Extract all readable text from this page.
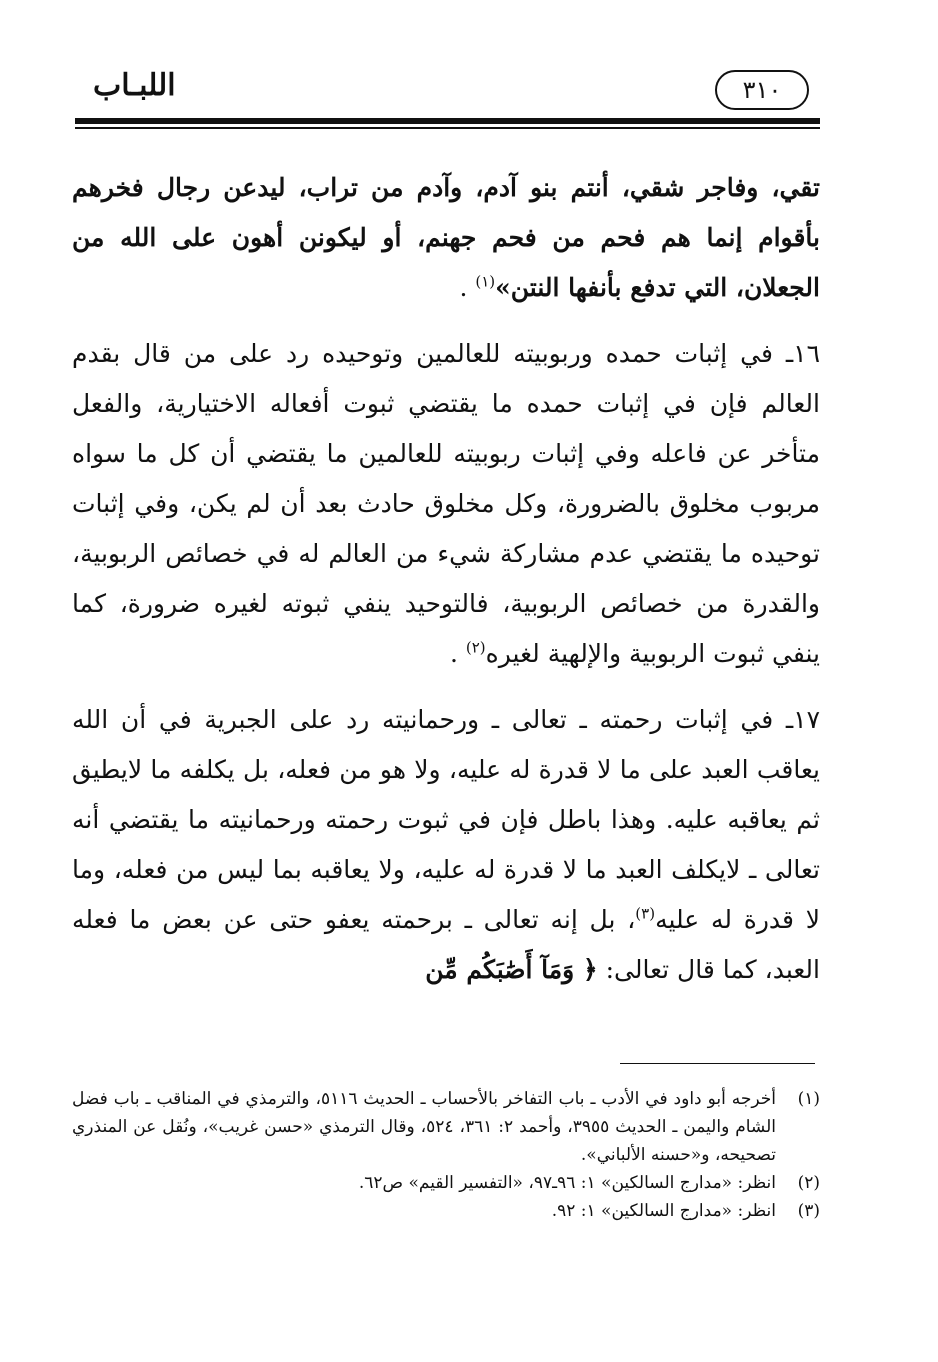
اللبـاب	٣١٠

تقي، وفاجر شقي، أنتم بنو آدم، وآدم من تراب، ليدعن رجال فخرهم بأقوام إنما هم فحم من فحم جهنم، أو ليكونن أهون على الله من الجعلان، التي تدفع بأنفها النتن»$^{(١)}$ .

١٦ـ في إثبات حمده وربوبيته للعالمين وتوحيده رد على من قال بقدم العالم فإن في إثبات حمده ما يقتضي ثبوت أفعاله الاختيارية، والفعل متأخر عن فاعله وفي إثبات ربوبيته للعالمين ما يقتضي أن كل ما سواه مربوب مخلوق بالضرورة، وكل مخلوق حادث بعد أن لم يكن، وفي إثبات توحيده ما يقتضي عدم مشاركة شيء من العالم له في خصائص الربوبية، والقدرة من خصائص الربوبية، فالتوحيد ينفي ثبوته لغيره ضرورة، كما ينفي ثبوت الربوبية والإلهية لغيره$^{(٢)}$ .

١٧ـ في إثبات رحمته ـ تعالى ـ ورحمانيته رد على الجبرية في أن الله يعاقب العبد على ما لا قدرة له عليه، ولا هو من فعله، بل يكلفه ما لايطيق ثم يعاقبه عليه. وهذا باطل فإن في ثبوت رحمته ورحمانيته ما يقتضي أنه تعالى ـ لايكلف العبد ما لا قدرة له عليه، ولا يعاقبه بما ليس من فعله، وما لا قدرة له عليه$^{(٣)}$، بل إنه تعالى ـ برحمته يعفو حتى عن بعض ما فعله العبد، كما قال تعالى: ﴿ وَمَآ أَصَٰبَكُم مِّن

(١)
أخرجه أبو داود في الأدب ـ باب التفاخر بالأحساب ـ الحديث ٥١١٦، والترمذي في المناقب ـ باب فضل الشام واليمن ـ الحديث ٣٩٥٥، وأحمد ٢: ٣٦١، ٥٢٤، وقال الترمذي «حسن غريب»، ونُقل عن المنذري تصحيحه، و«حسنه الألباني».
(٢)
انظر: «مدارج السالكين» ١: ٩٦ـ٩٧، «التفسير القيم» ص٦٢.
(٣)
انظر: «مدارج السالكين» ١: ٩٢.
